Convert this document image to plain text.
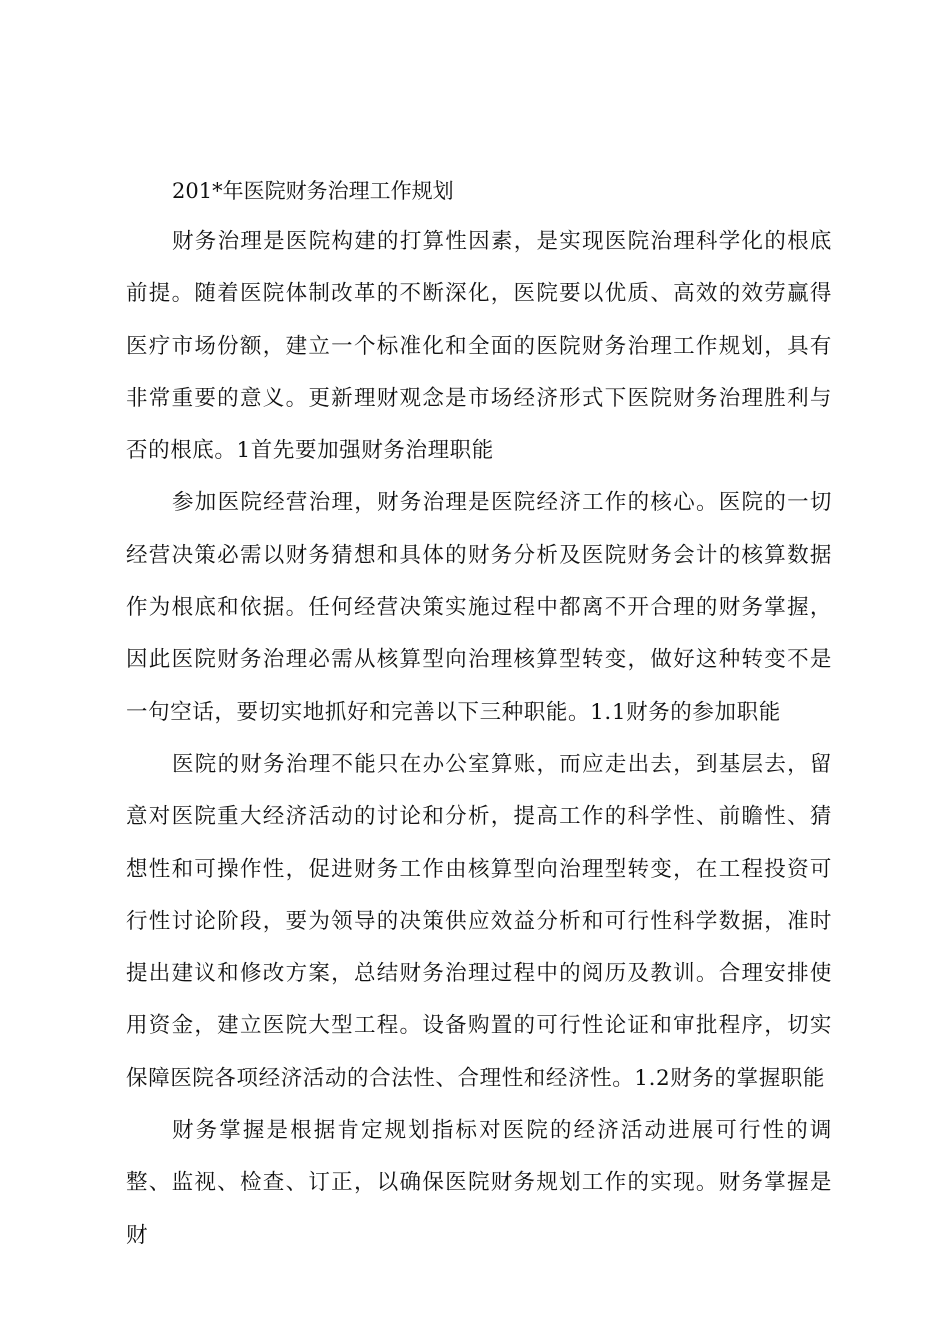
201*年医院财务治理工作规划

财务治理是医院构建的打算性因素，是实现医院治理科学化的根底前提。随着医院体制改革的不断深化，医院要以优质、高效的效劳赢得医疗市场份额，建立一个标准化和全面的医院财务治理工作规划，具有非常重要的意义。更新理财观念是市场经济形式下医院财务治理胜利与否的根底。1首先要加强财务治理职能

参加医院经营治理，财务治理是医院经济工作的核心。医院的一切经营决策必需以财务猜想和具体的财务分析及医院财务会计的核算数据作为根底和依据。任何经营决策实施过程中都离不开合理的财务掌握，因此医院财务治理必需从核算型向治理核算型转变，做好这种转变不是一句空话，要切实地抓好和完善以下三种职能。1.1财务的参加职能

医院的财务治理不能只在办公室算账，而应走出去，到基层去，留意对医院重大经济活动的讨论和分析，提高工作的科学性、前瞻性、猜想性和可操作性，促进财务工作由核算型向治理型转变，在工程投资可行性讨论阶段，要为领导的决策供应效益分析和可行性科学数据，准时提出建议和修改方案，总结财务治理过程中的阅历及教训。合理安排使用资金，建立医院大型工程。设备购置的可行性论证和审批程序，切实保障医院各项经济活动的合法性、合理性和经济性。1.2财务的掌握职能

财务掌握是根据肯定规划指标对医院的经济活动进展可行性的调整、监视、检查、订正，以确保医院财务规划工作的实现。财务掌握是财
